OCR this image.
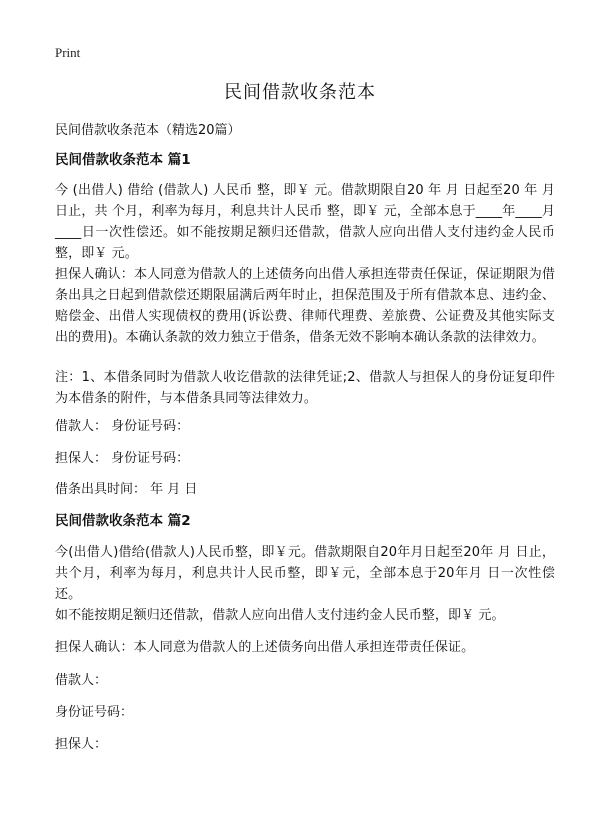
Print
民间借款收条范本

民间借款收条范本（精选20篇）

民间借款收条范本 篇1

今 (出借人) 借给 (借款人) 人民币 整，即￥ 元。借款期限自20 年 月 日起至20 年 月 日止，共 个月，利率为每月，利息共计人民币 整，即￥ 元，全部本息于____年____月____日一次性偿还。如不能按期足额归还借款，借款人应向出借人支付违约金人民币 整，即￥ 元。

担保人确认：本人同意为借款人的上述债务向出借人承担连带责任保证，保证期限为借条出具之日起到借款偿还期限届满后两年时止，担保范围及于所有借款本息、违约金、赔偿金、出借人实现债权的费用(诉讼费、律师代理费、差旅费、公证费及其他实际支出的费用)。本确认条款的效力独立于借条，借条无效不影响本确认条款的法律效力。

注：1、本借条同时为借款人收讫借款的法律凭证;2、借款人与担保人的身份证复印件为本借条的附件，与本借条具同等法律效力。

借款人： 身份证号码：

担保人： 身份证号码：

借条出具时间： 年 月 日

民间借款收条范本 篇2

今(出借人)借给(借款人)人民币整，即￥元。借款期限自20年月日起至20年 月 日止，共个月，利率为每月，利息共计人民币整，即￥元，全部本息于20年月 日一次性偿还。

如不能按期足额归还借款，借款人应向出借人支付违约金人民币整，即￥ 元。

担保人确认：本人同意为借款人的上述债务向出借人承担连带责任保证。

借款人：

身份证号码：

担保人：
